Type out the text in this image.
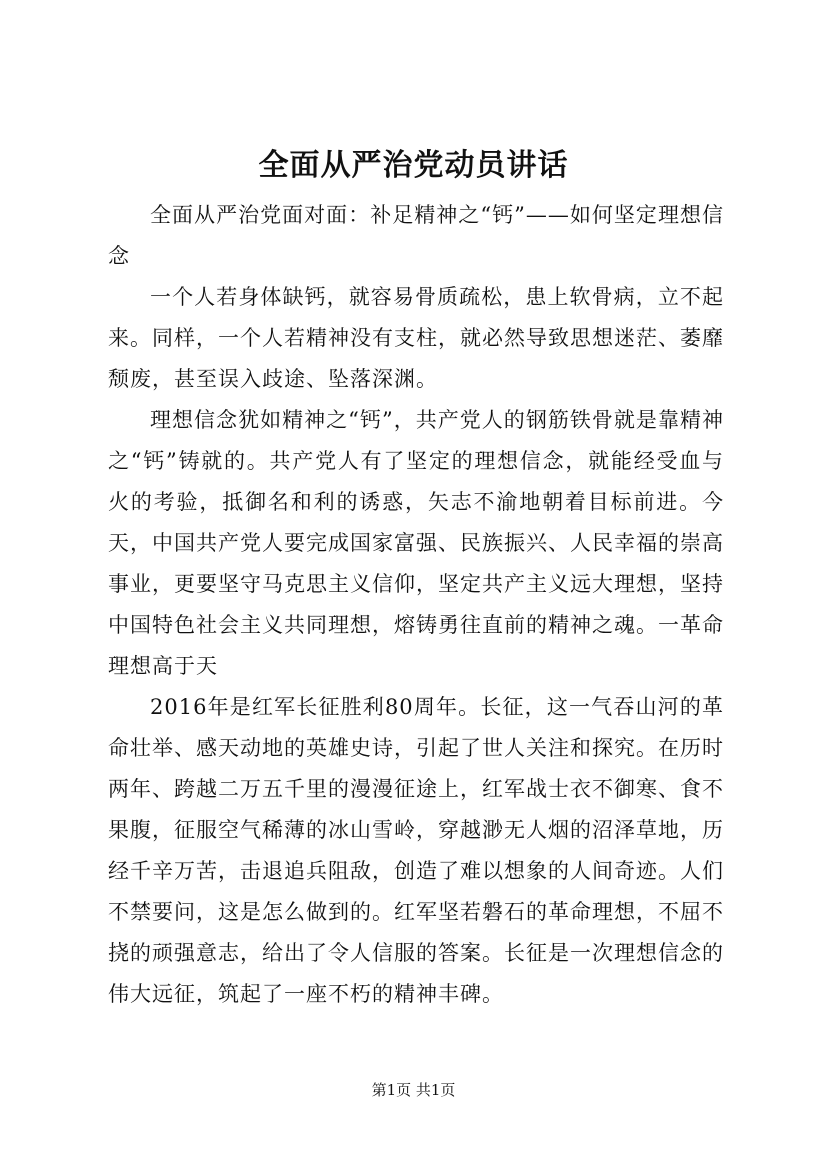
全面从严治党动员讲话

全面从严治党面对面：补足精神之“钙”——如何坚定理想信念

一个人若身体缺钙，就容易骨质疏松，患上软骨病，立不起来。同样，一个人若精神没有支柱，就必然导致思想迷茫、萎靡颓废，甚至误入歧途、坠落深渊。

理想信念犹如精神之“钙”，共产党人的钢筋铁骨就是靠精神之“钙”铸就的。共产党人有了坚定的理想信念，就能经受血与火的考验，抵御名和利的诱惑，矢志不渝地朝着目标前进。今天，中国共产党人要完成国家富强、民族振兴、人民幸福的崇高事业，更要坚守马克思主义信仰，坚定共产主义远大理想，坚持中国特色社会主义共同理想，熔铸勇往直前的精神之魂。一革命理想高于天

2016年是红军长征胜利80周年。长征，这一气吞山河的革命壮举、感天动地的英雄史诗，引起了世人关注和探究。在历时两年、跨越二万五千里的漫漫征途上，红军战士衣不御寒、食不果腹，征服空气稀薄的冰山雪岭，穿越渺无人烟的沼泽草地，历经千辛万苦，击退追兵阻敌，创造了难以想象的人间奇迹。人们不禁要问，这是怎么做到的。红军坚若磐石的革命理想，不屈不挠的顽强意志，给出了令人信服的答案。长征是一次理想信念的伟大远征，筑起了一座不朽的精神丰碑。

第1页 共1页
